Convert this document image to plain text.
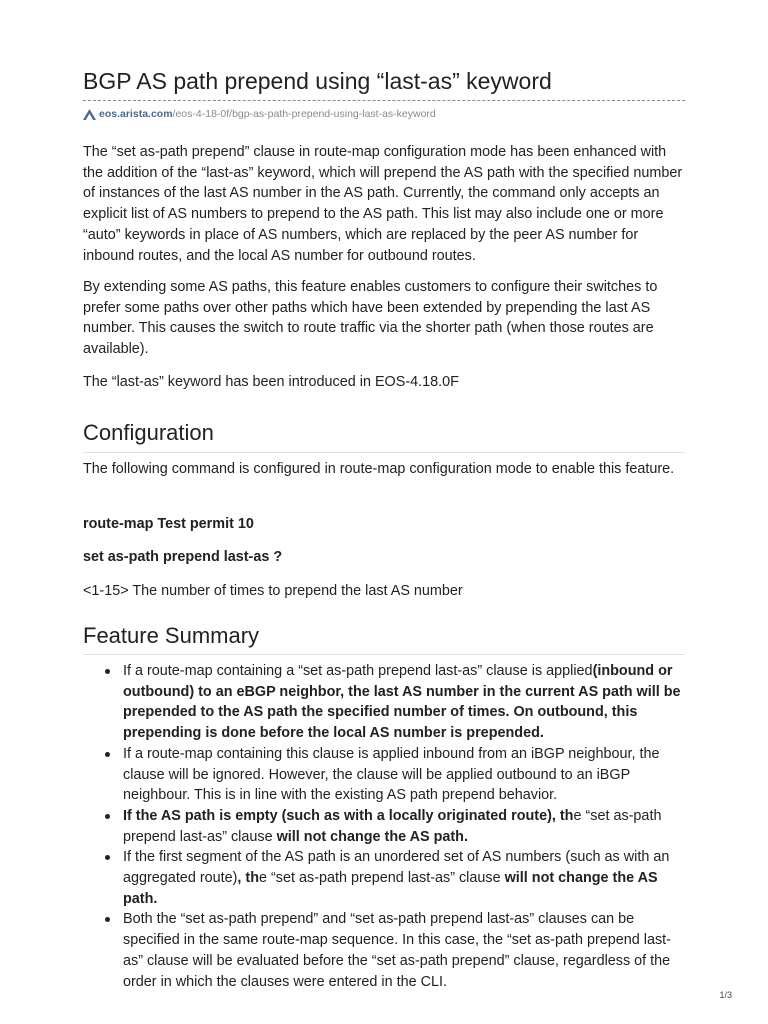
BGP AS path prepend using “last-as” keyword
eos.arista.com /eos-4-18-0f/bgp-as-path-prepend-using-last-as-keyword

The “set as-path prepend” clause in route-map configuration mode has been enhanced with the addition of the “last-as” keyword, which will prepend the AS path with the specified number of instances of the last AS number in the AS path. Currently, the command only accepts an explicit list of AS numbers to prepend to the AS path. This list may also include one or more “auto” keywords in place of AS numbers, which are replaced by the peer AS number for inbound routes, and the local AS number for outbound routes.

By extending some AS paths, this feature enables customers to configure their switches to prefer some paths over other paths which have been extended by prepending the last AS number. This causes the switch to route traffic via the shorter path (when those routes are available).

The “last-as” keyword has been introduced in EOS-4.18.0F

Configuration

The following command is configured in route-map configuration mode to enable this feature.

route-map Test permit 10

set as-path prepend last-as ?

<1-15> The number of times to prepend the last AS number

Feature Summary
If a route-map containing a “set as-path prepend last-as” clause is applied(inbound or outbound) to an eBGP neighbor, the last AS number in the current AS path will be prepended to the AS path the specified number of times. On outbound, this prepending is done before the local AS number is prepended.
If a route-map containing this clause is applied inbound from an iBGP neighbour, the clause will be ignored. However, the clause will be applied outbound to an iBGP neighbour. This is in line with the existing AS path prepend behavior.
If the AS path is empty (such as with a locally originated route), the “set as-path prepend last-as” clause will not change the AS path.
If the first segment of the AS path is an unordered set of AS numbers (such as with an aggregated route), the “set as-path prepend last-as” clause will not change the AS path.
Both the “set as-path prepend” and “set as-path prepend last-as” clauses can be specified in the same route-map sequence. In this case, the “set as-path prepend last-as” clause will be evaluated before the “set as-path prepend” clause, regardless of the order in which the clauses were entered in the CLI.
1/3
